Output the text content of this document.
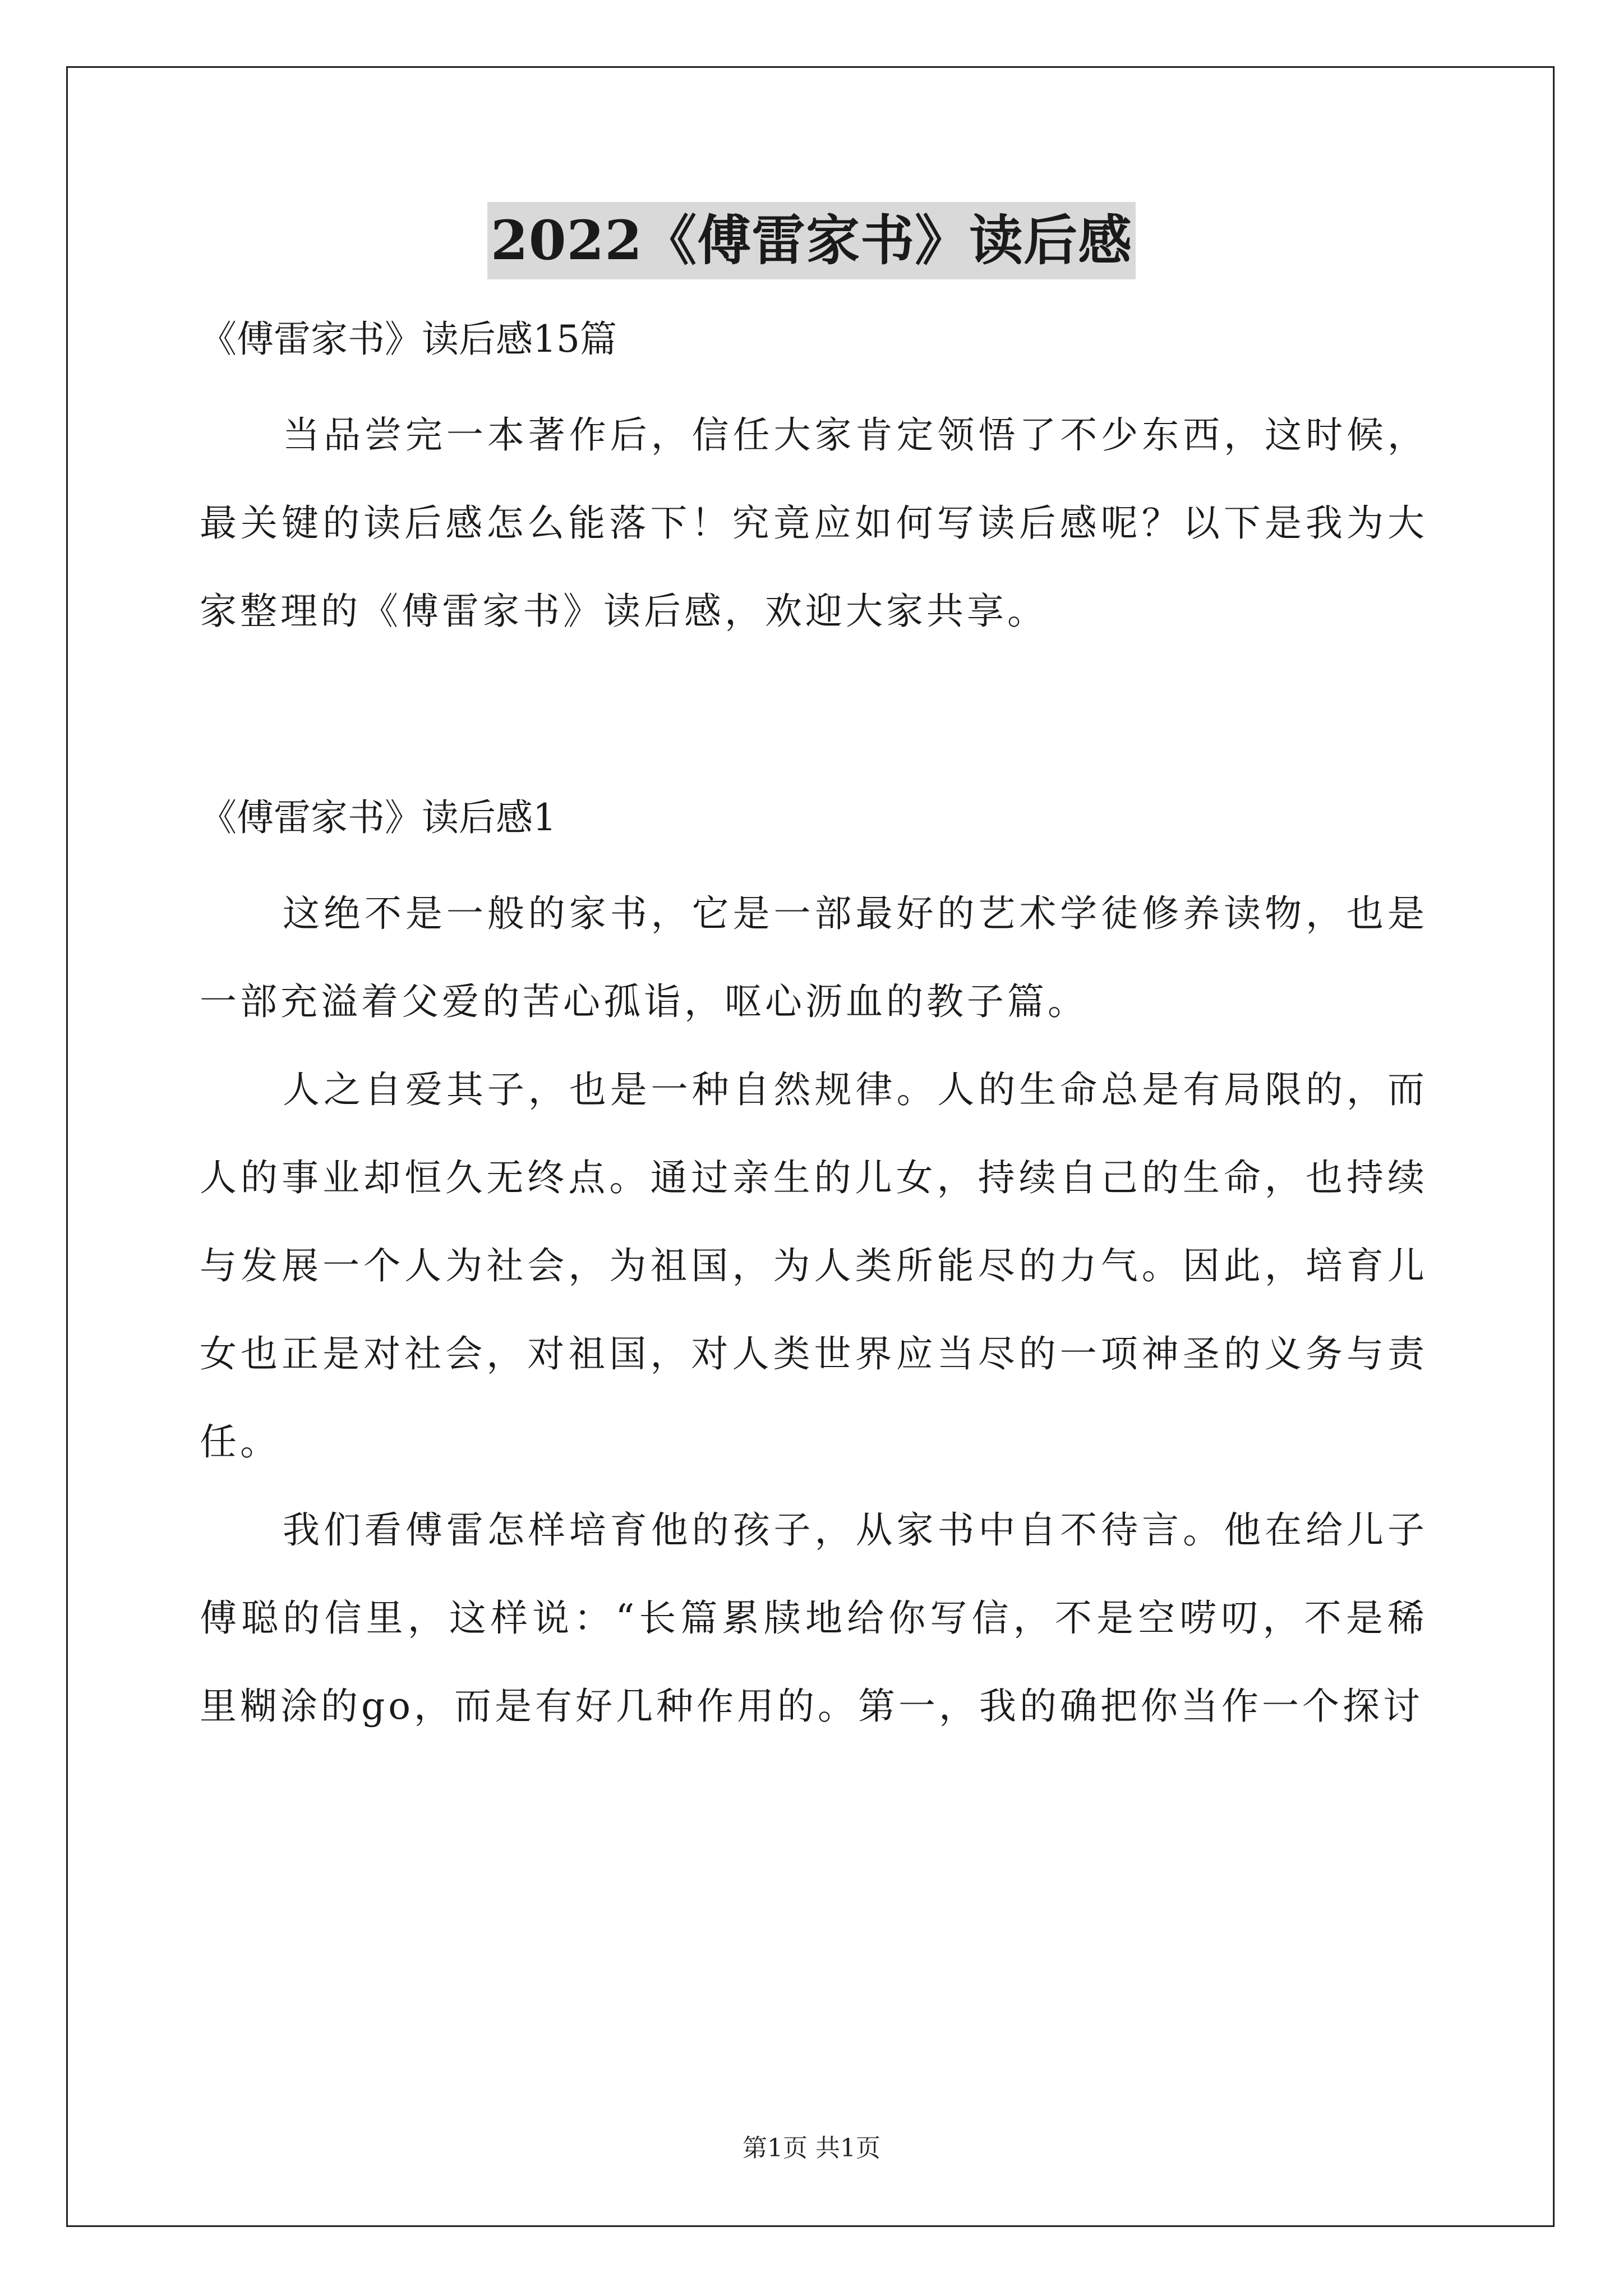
2022《傅雷家书》读后感

《傅雷家书》读后感15篇

当品尝完一本著作后，信任大家肯定领悟了不少东西，这时候，最关键的读后感怎么能落下！究竟应如何写读后感呢？以下是我为大家整理的《傅雷家书》读后感，欢迎大家共享。

《傅雷家书》读后感1

这绝不是一般的家书，它是一部最好的艺术学徒修养读物，也是一部充溢着父爱的苦心孤诣，呕心沥血的教子篇。

人之自爱其子，也是一种自然规律。人的生命总是有局限的，而人的事业却恒久无终点。通过亲生的儿女，持续自己的生命，也持续与发展一个人为社会，为祖国，为人类所能尽的力气。因此，培育儿女也正是对社会，对祖国，对人类世界应当尽的一项神圣的义务与责任。

我们看傅雷怎样培育他的孩子，从家书中自不待言。他在给儿子傅聪的信里，这样说：“长篇累牍地给你写信，不是空唠叨，不是稀里糊涂的go，而是有好几种作用的。第一，我的确把你当作一个探讨

第1页 共1页
